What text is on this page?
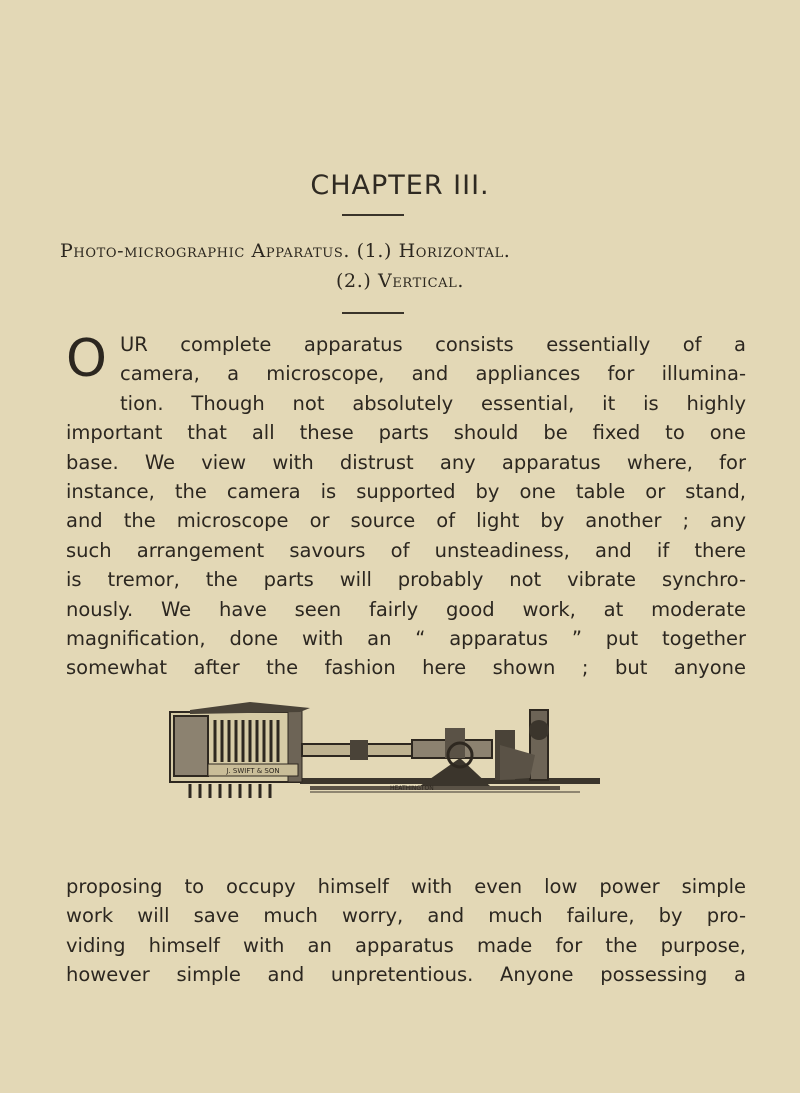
CHAPTER III.
Photo-micrographic Apparatus. (1.) Horizontal.
(2.) Vertical.
O UR complete apparatus consists essentially of a
camera, a microscope, and appliances for illumina-
tion. Though not absolutely essential, it is highly
important that all these parts should be fixed to one
base. We view with distrust any apparatus where, for
instance, the camera is supported by one table or stand,
and the microscope or source of light by another ; any
such arrangement savours of unsteadiness, and if there
is tremor, the parts will probably not vibrate synchro-
nously. We have seen fairly good work, at moderate
magnification, done with an “ apparatus ” put together
somewhat after the fashion here shown ; but anyone
J. SWIFT & SON
HEATHINGTON
proposing to occupy himself with even low power simple
work will save much worry, and much failure, by pro-
viding himself with an apparatus made for the purpose,
however simple and unpretentious. Anyone possessing a
